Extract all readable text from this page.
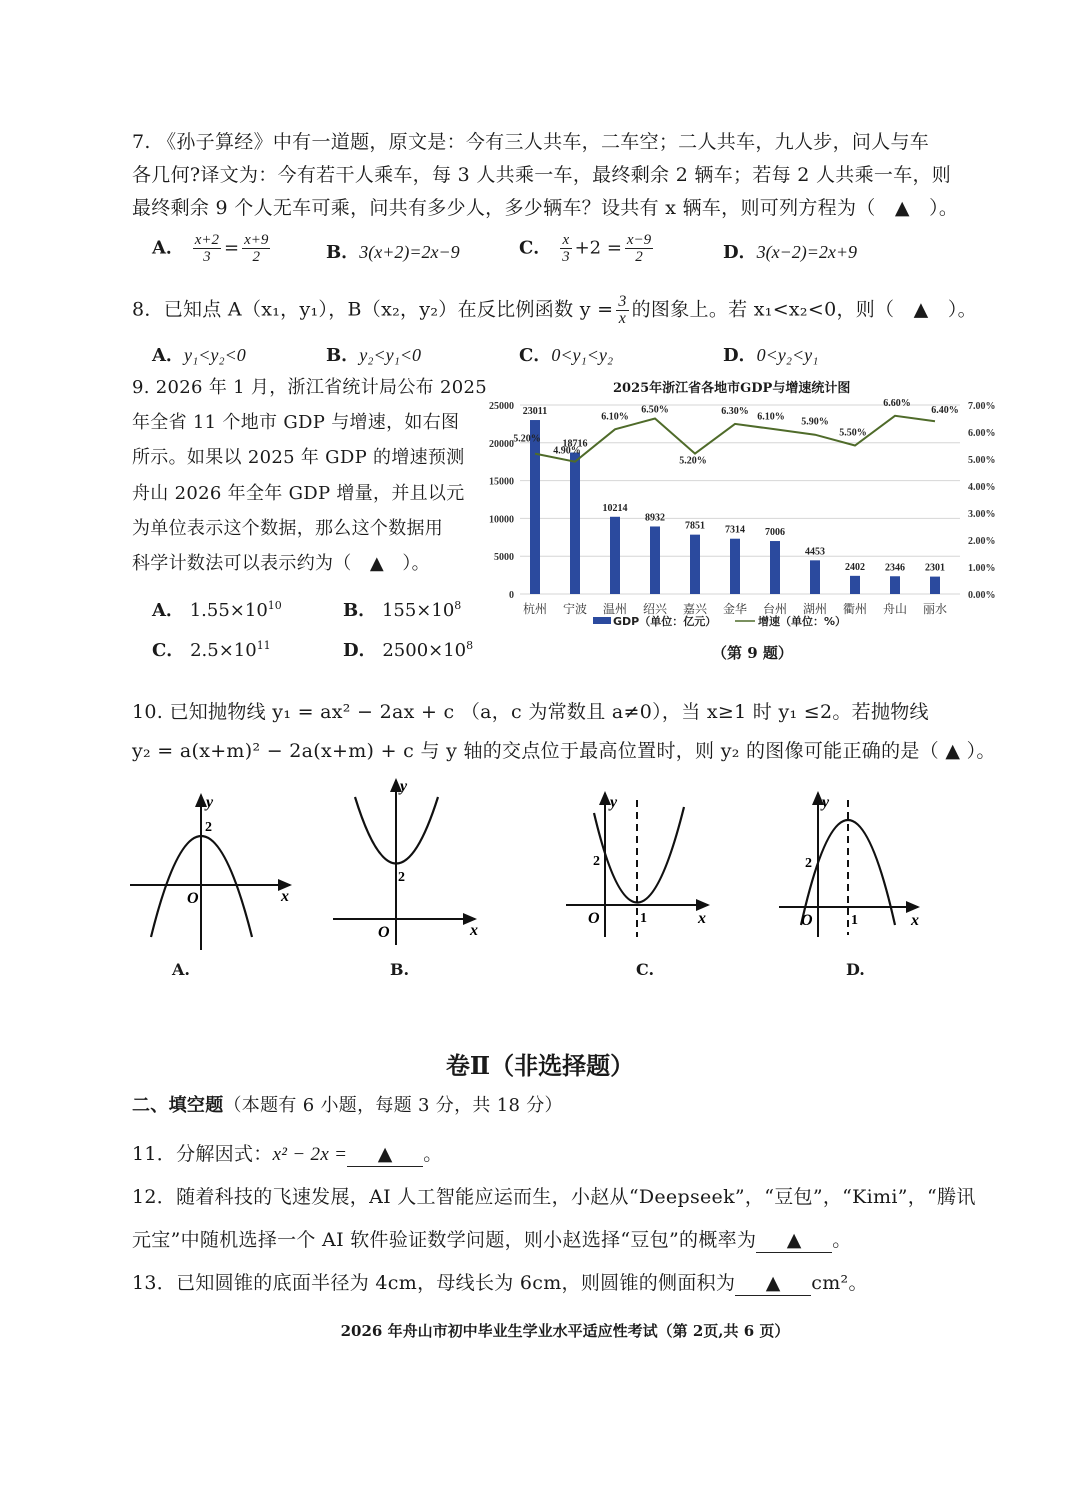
7. 《孙子算经》中有一道题，原文是：今有三人共车，二车空；二人共车，九人步，问人与车
各几何?译文为：今有若干人乘车，每 3 人共乘一车，最终剩余 2 辆车；若每 2 人共乘一车，则
最终剩余 9 个人无车可乘，问共有多少人，多少辆车？设共有 x 辆车，则可列方程为（　▲　）。
A． $\frac{x+2}{3} = \frac{x+9}{2}$	B．3(x+2)=2x−9	C． $\frac{x}{3} +2 = \frac{x-9}{2}$	D．3(x−2)=2x+9
8．已知点 A（x₁，y₁），B（x₂，y₂）在反比例函数 $y = \frac{3}{x}$ 的图象上。若 x₁<x₂<0，则（　▲　）。
A．y₁<y₂<0	B．y₂<y₁<0	C．0<y₁<y₂	D．0<y₂<y₁
9. 2026 年 1 月，浙江省统计局公布 2025
年全省 11 个地市 GDP 与增速，如右图
所示。如果以 2025 年 GDP 的增速预测
舟山 2026 年全年 GDP 增量，并且以元
为单位表示这个数据，那么这个数据用
科学计数法可以表示约为（　▲　）。
A． $1.55\times 10^{10}$	B． $155\times 10^8$
C． $2.5\times 10^{11}$	D． $2500\times 10^8$
2025年浙江省各地市GDP与增速统计图
0
5000
10000
15000
20000
25000
0.00%
1.00%
2.00%
3.00%
4.00%
5.00%
6.00%
7.00%
23011
5.20% 18716
4.90%
10214
6.10%
8932
6.50%
7851
5.20%
7314
6.30%
7006
6.10%
4453
5.90%
2402
5.50%
2346
6.60%
2301
6.40%
杭州 宁波 温州 绍兴 嘉兴 金华 台州 湖州 衢州 舟山 丽水
GDP（单位：亿元）	增速（单位：%）
（第 9 题）
10. 已知抛物线 y₁ = ax² − 2ax + c （a，c 为常数且 a≠0），当 x≥1 时 y₁ ≤2。若抛物线
y₂ = a(x+m)² − 2a(x+m) + c 与 y 轴的交点位于最高位置时，则 y₂ 的图像可能正确的是（ ▲ ）。
y
2
O	x
A.
y
2
O	x
B.
y
2
O	1	x
C.
y
2
O	1	x
D.
卷Ⅱ（非选择题）
二、填空题（本题有 6 小题，每题 3 分，共 18 分）
11．分解因式：x² − 2x = ▲ 。
12．随着科技的飞速发展，AI 人工智能应运而生，小赵从“Deepseek”，“豆包”，“Kimi”，“腾讯
元宝”中随机选择一个 AI 软件验证数学问题，则小赵选择“豆包”的概率为 ▲ 。
13．已知圆锥的底面半径为 4cm，母线长为 6cm，则圆锥的侧面积为 ▲ cm²。
2026 年舟山市初中毕业生学业水平适应性考试（第 2页,共 6 页）
